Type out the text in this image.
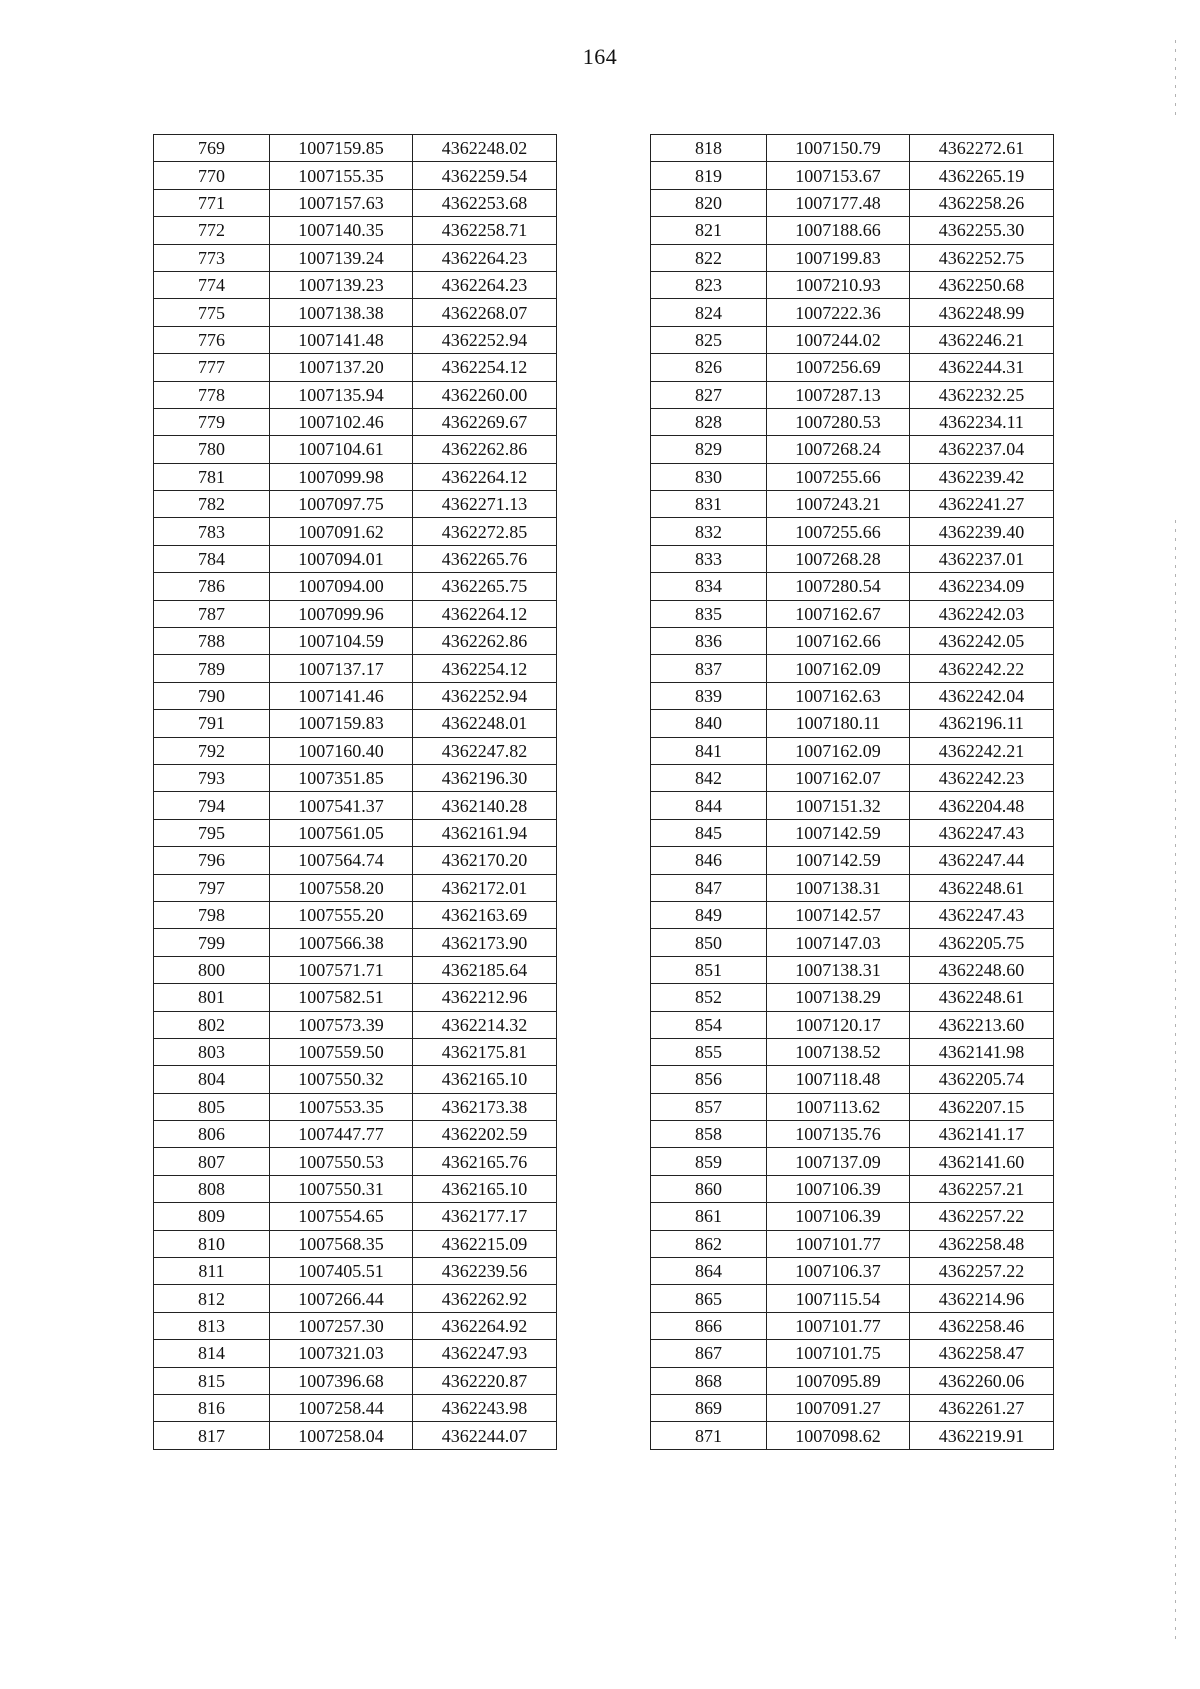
164
769	1007159.85	4362248.02
770	1007155.35	4362259.54
771	1007157.63	4362253.68
772	1007140.35	4362258.71
773	1007139.24	4362264.23
774	1007139.23	4362264.23
775	1007138.38	4362268.07
776	1007141.48	4362252.94
777	1007137.20	4362254.12
778	1007135.94	4362260.00
779	1007102.46	4362269.67
780	1007104.61	4362262.86
781	1007099.98	4362264.12
782	1007097.75	4362271.13
783	1007091.62	4362272.85
784	1007094.01	4362265.76
786	1007094.00	4362265.75
787	1007099.96	4362264.12
788	1007104.59	4362262.86
789	1007137.17	4362254.12
790	1007141.46	4362252.94
791	1007159.83	4362248.01
792	1007160.40	4362247.82
793	1007351.85	4362196.30
794	1007541.37	4362140.28
795	1007561.05	4362161.94
796	1007564.74	4362170.20
797	1007558.20	4362172.01
798	1007555.20	4362163.69
799	1007566.38	4362173.90
800	1007571.71	4362185.64
801	1007582.51	4362212.96
802	1007573.39	4362214.32
803	1007559.50	4362175.81
804	1007550.32	4362165.10
805	1007553.35	4362173.38
806	1007447.77	4362202.59
807	1007550.53	4362165.76
808	1007550.31	4362165.10
809	1007554.65	4362177.17
810	1007568.35	4362215.09
811	1007405.51	4362239.56
812	1007266.44	4362262.92
813	1007257.30	4362264.92
814	1007321.03	4362247.93
815	1007396.68	4362220.87
816	1007258.44	4362243.98
817	1007258.04	4362244.07
818	1007150.79	4362272.61
819	1007153.67	4362265.19
820	1007177.48	4362258.26
821	1007188.66	4362255.30
822	1007199.83	4362252.75
823	1007210.93	4362250.68
824	1007222.36	4362248.99
825	1007244.02	4362246.21
826	1007256.69	4362244.31
827	1007287.13	4362232.25
828	1007280.53	4362234.11
829	1007268.24	4362237.04
830	1007255.66	4362239.42
831	1007243.21	4362241.27
832	1007255.66	4362239.40
833	1007268.28	4362237.01
834	1007280.54	4362234.09
835	1007162.67	4362242.03
836	1007162.66	4362242.05
837	1007162.09	4362242.22
839	1007162.63	4362242.04
840	1007180.11	4362196.11
841	1007162.09	4362242.21
842	1007162.07	4362242.23
844	1007151.32	4362204.48
845	1007142.59	4362247.43
846	1007142.59	4362247.44
847	1007138.31	4362248.61
849	1007142.57	4362247.43
850	1007147.03	4362205.75
851	1007138.31	4362248.60
852	1007138.29	4362248.61
854	1007120.17	4362213.60
855	1007138.52	4362141.98
856	1007118.48	4362205.74
857	1007113.62	4362207.15
858	1007135.76	4362141.17
859	1007137.09	4362141.60
860	1007106.39	4362257.21
861	1007106.39	4362257.22
862	1007101.77	4362258.48
864	1007106.37	4362257.22
865	1007115.54	4362214.96
866	1007101.77	4362258.46
867	1007101.75	4362258.47
868	1007095.89	4362260.06
869	1007091.27	4362261.27
871	1007098.62	4362219.91
